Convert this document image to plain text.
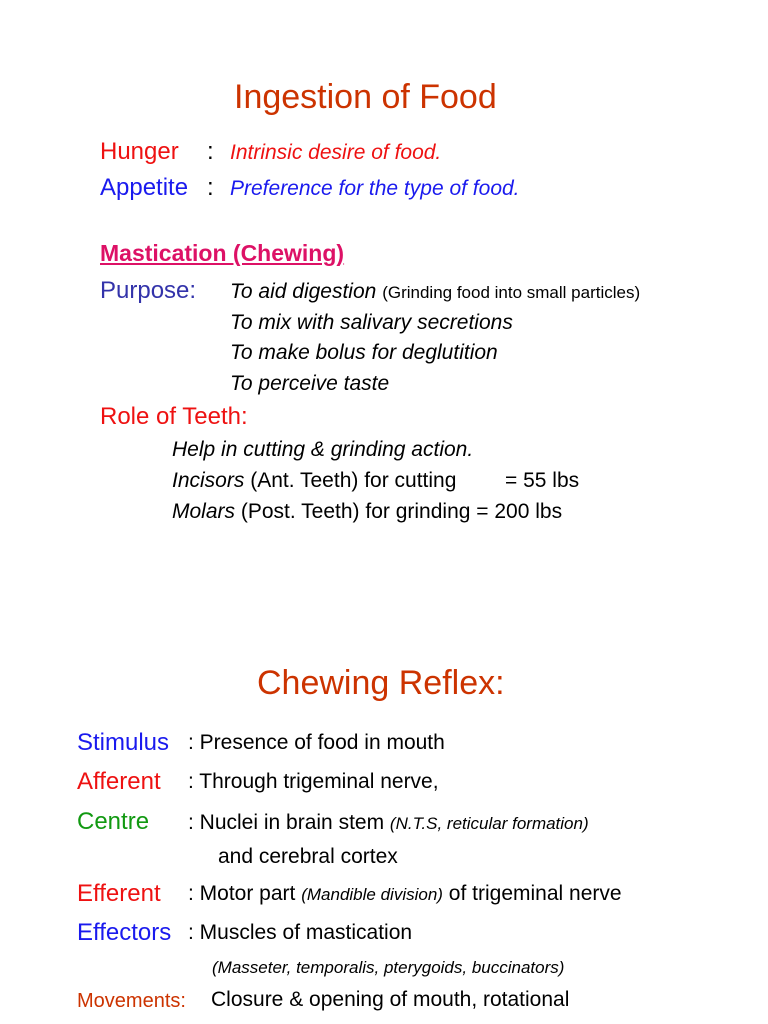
Ingestion of Food
Hunger : Intrinsic desire of food.
Appetite : Preference for the type of food.
Mastication (Chewing)
Purpose: To aid digestion (Grinding food into small particles)
To mix with salivary secretions
To make bolus for deglutition
To perceive taste
Role of Teeth:
Help in cutting & grinding action.
Incisors (Ant. Teeth) for cutting = 55 lbs
Molars (Post. Teeth) for grinding = 200 lbs
Chewing Reflex:
Stimulus : Presence of food in mouth
Afferent : Through trigeminal nerve,
Centre : Nuclei in brain stem (N.T.S, reticular formation)
and cerebral cortex
Efferent : Motor part (Mandible division) of trigeminal nerve
Effectors : Muscles of mastication
(Masseter, temporalis, pterygoids, buccinators)
Movements: Closure & opening of mouth, rotational
